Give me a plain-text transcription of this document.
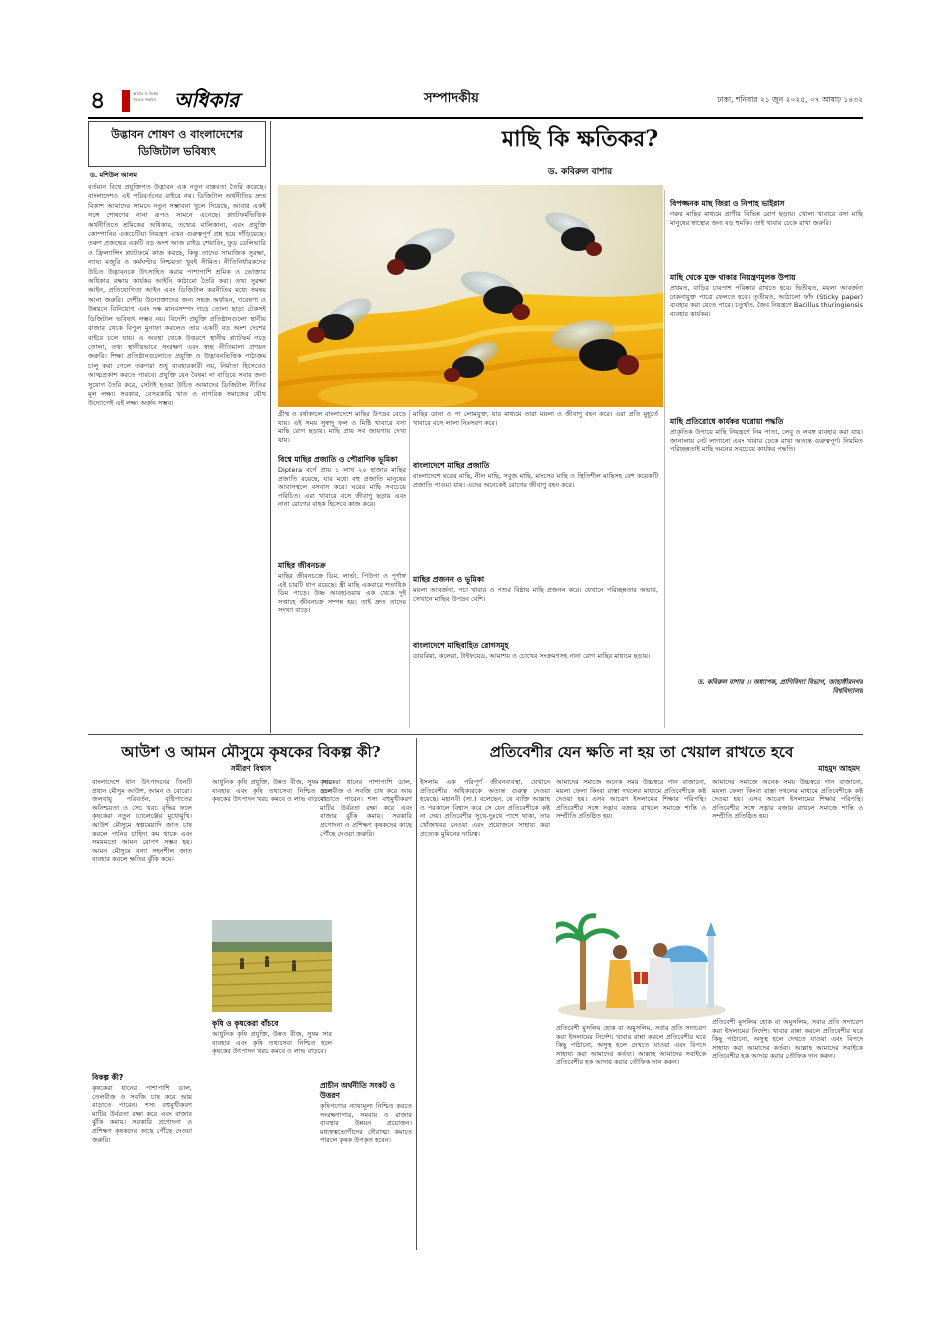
৪	আমার ও বিশ্বের
সত্যের সন্ধানে অধিকার	সম্পাদকীয়	ঢাকা, শনিবার ২১ জুন ২০২৫, ০৭ আষাঢ় ১৪৩২
উদ্ভাবন শোষণ ও বাংলাদেশের ডিজিটাল ভবিষ্যৎ
ড. মশিউল আলম
বর্তমান বিশ্বে প্রযুক্তিগত উদ্ভাবন এক নতুন বাস্তবতা তৈরি করেছে। বাংলাদেশও এই পরিবর্তনের বাইরে নয়। ডিজিটাল অর্থনীতির দ্রুত বিকাশ আমাদের সামনে নতুন সম্ভাবনা খুলে দিয়েছে, আবার একই সঙ্গে শোষণের নানা রূপও সামনে এনেছে। প্ল্যাটফর্মভিত্তিক অর্থনীতিতে শ্রমিকের অধিকার, তথ্যের মালিকানা, এবং প্রযুক্তি কোম্পানির একচেটিয়া নিয়ন্ত্রণ এখন গুরুত্বপূর্ণ প্রশ্ন হয়ে দাঁড়িয়েছে। তরুণ প্রজন্মের একটি বড় অংশ আজ রাইড শেয়ারিং, ফুড ডেলিভারি ও ফ্রিল্যান্সিং প্ল্যাটফর্মে কাজ করছে, কিন্তু তাদের সামাজিক সুরক্ষা, ন্যায্য মজুরি ও কর্মঘণ্টার নিশ্চয়তা খুবই সীমিত। নীতিনির্ধারকদের উচিত উদ্ভাবনকে উৎসাহিত করার পাশাপাশি শ্রমিক ও ভোক্তার অধিকার রক্ষায় কার্যকর আইনি কাঠামো তৈরি করা। তথ্য সুরক্ষা আইন, প্রতিযোগিতা আইন এবং ডিজিটাল করনীতির মধ্যে সমন্বয় আনা জরুরি। দেশীয় উদ্যোক্তাদের জন্য সহজ অর্থায়ন, গবেষণা ও উন্নয়নে বিনিয়োগ এবং দক্ষ মানবসম্পদ গড়ে তোলা ছাড়া টেকসই ডিজিটাল ভবিষ্যৎ সম্ভব নয়। বিদেশি প্রযুক্তি প্রতিষ্ঠানগুলো স্থানীয় বাজার থেকে বিপুল মুনাফা করলেও তার একটি বড় অংশ দেশের বাইরে চলে যায়। এ অবস্থা থেকে উত্তরণে স্থানীয় প্ল্যাটফর্ম গড়ে তোলা, তথ্য স্থানীয়ভাবে সংরক্ষণ এবং স্বচ্ছ নীতিমালা প্রণয়ন জরুরি। শিক্ষা প্রতিষ্ঠানগুলোতে প্রযুক্তি ও উদ্ভাবনভিত্তিক পাঠ্যক্রম চালু করা গেলে তরুণরা শুধু ব্যবহারকারী নয়, নির্মাতা হিসেবেও আত্মপ্রকাশ করতে পারবে। প্রযুক্তি যেন বৈষম্য না বাড়িয়ে সবার জন্য সুযোগ তৈরি করে, সেটাই হওয়া উচিত আমাদের ডিজিটাল নীতির মূল লক্ষ্য। সরকার, বেসরকারি খাত ও নাগরিক সমাজের যৌথ উদ্যোগেই এই লক্ষ্য অর্জন সম্ভব।
মাছি কি ক্ষতিকর?
ড. কবিরুল বাশার
গ্রীষ্ম ও বর্ষাকালে বাংলাদেশে মাছির উপদ্রব বেড়ে যায়। এই সময় সুস্বাদু ফল ও মিষ্টি খাবারে বসা মাছি রোগ ছড়ায়। মাছি প্রায় সব জায়গায় দেখা যায়।
বিশ্বে মাছির প্রজাতি ও পৌরাণিক ভূমিকা
Diptera বর্গে প্রায় ১ লাখ ২০ হাজার মাছির প্রজাতি রয়েছে, যার মধ্যে বহু প্রজাতি মানুষের আবাসস্থলে বসবাস করে। ঘরের মাছি সবচেয়ে পরিচিত। এরা খাবারে বসে জীবাণু ছড়ায় এবং নানা রোগের বাহক হিসেবে কাজ করে।
মাছির জীবনচক্র
মাছির জীবনচক্রে ডিম, লার্ভা, পিউপা ও পূর্ণাঙ্গ এই চারটি ধাপ রয়েছে। স্ত্রী মাছি একবারে শতাধিক ডিম পাড়ে। উষ্ণ আবহাওয়ায় এক থেকে দুই সপ্তাহে জীবনচক্র সম্পন্ন হয়। তাই দ্রুত তাদের সংখ্যা বাড়ে।
মাছির ডানা ও পা লোমযুক্ত, যার মাধ্যমে তারা ময়লা ও জীবাণু বহন করে। এরা প্রতি মুহূর্তে খাবারে বসে লালা নিঃসরণ করে।
বাংলাদেশে মাছির প্রজাতি
বাংলাদেশে ঘরের মাছি, নীল মাছি, সবুজ মাছি, মাংসের মাছি ও স্থিতিশীল মাছিসহ বেশ কয়েকটি প্রজাতি পাওয়া যায়। এদের অনেকেই রোগের জীবাণু বহন করে।
মাছির প্রজনন ও ভূমিকা
ময়লা আবর্জনা, পচা খাবার ও পশুর বিষ্ঠায় মাছি প্রজনন করে। যেখানে পরিচ্ছন্নতার অভাব, সেখানে মাছির উপদ্রব বেশি।
বাংলাদেশে মাছিবাহিত রোগসমূহ
ডায়রিয়া, কলেরা, টাইফয়েড, আমাশয় ও চোখের সংক্রমণসহ নানা রোগ মাছির মাধ্যমে ছড়ায়।
বিপজ্জনক মাছ জিরা ও নিপাহ ভাইরাস
গরুর মাছির মাধ্যমে প্রাণীর বিভিন্ন রোগ ছড়ায়। খোলা খাবারে বসা মাছি মানুষের স্বাস্থ্যের জন্য বড় হুমকি। তাই খাবার ঢেকে রাখা জরুরি।
মাছি থেকে মুক্ত থাকার নিয়ন্ত্রণমূলক উপায়
প্রথমত, বাড়ির চারপাশ পরিষ্কার রাখতে হবে। দ্বিতীয়ত, ময়লা আবর্জনা ঢাকনাযুক্ত পাত্রে ফেলতে হবে। তৃতীয়ত, আঠালো ফাঁদ (Sticky paper) ব্যবহার করা যেতে পারে। চতুর্থত, জৈব নিয়ন্ত্রণে Bacillus thuringiensis ব্যবহার কার্যকর।
মাছি প্রতিরোধে কার্যকর ঘরোয়া পদ্ধতি
প্রাকৃতিক উপায়ে মাছি নিয়ন্ত্রণে নিম পাতা, লেবু ও লবঙ্গ ব্যবহার করা যায়। জানালায় নেট লাগানো এবং খাবার ঢেকে রাখা অত্যন্ত গুরুত্বপূর্ণ। নিয়মিত পরিচ্ছন্নতাই মাছি দমনের সবচেয়ে কার্যকর পদ্ধতি।
ড. কবিরুল বাশার ।। অধ্যাপক, প্রাণিবিদ্যা বিভাগ, জাহাঙ্গীরনগর বিশ্ববিদ্যালয়
আউশ ও আমন মৌসুমে কৃষকের বিকল্প কী?
সমীরণ বিশ্বাস
বাংলাদেশে ধান উৎপাদনের তিনটি প্রধান মৌসুম আউশ, আমন ও বোরো। জলবায়ু পরিবর্তন, বৃষ্টিপাতের অনিশ্চয়তা ও সেচ খরচ বৃদ্ধির ফলে কৃষকেরা নতুন চ্যালেঞ্জের মুখোমুখি। আউশ মৌসুমে স্বল্পমেয়াদি জাত চাষ করলে পানির চাহিদা কম থাকে এবং সময়মতো আমন রোপণ সম্ভব হয়। আমন মৌসুমে বন্যা সহনশীল জাত ব্যবহার করলে ক্ষতির ঝুঁকি কমে।
বিকল্প কী?
কৃষকেরা ধানের পাশাপাশি ডাল, তেলবীজ ও সবজি চাষ করে আয় বাড়াতে পারেন। শস্য বহুমুখীকরণ মাটির উর্বরতা রক্ষা করে এবং বাজার ঝুঁকি কমায়। সরকারি প্রণোদনা ও প্রশিক্ষণ কৃষকদের কাছে পৌঁছে দেওয়া জরুরি।
আধুনিক কৃষি প্রযুক্তি, উন্নত বীজ, সুষম সার ব্যবহার এবং কৃষি তথ্যসেবা নিশ্চিত হলে কৃষকের উৎপাদন খরচ কমবে ও লাভ বাড়বে।
কৃষি ও কৃষকেরা বাঁচবে
আধুনিক কৃষি প্রযুক্তি, উন্নত বীজ, সুষম সার ব্যবহার এবং কৃষি তথ্যসেবা নিশ্চিত হলে কৃষকের উৎপাদন খরচ কমবে ও লাভ বাড়বে।
কৃষকেরা ধানের পাশাপাশি ডাল, তেলবীজ ও সবজি চাষ করে আয় বাড়াতে পারেন। শস্য বহুমুখীকরণ মাটির উর্বরতা রক্ষা করে এবং বাজার ঝুঁকি কমায়। সরকারি প্রণোদনা ও প্রশিক্ষণ কৃষকদের কাছে পৌঁছে দেওয়া জরুরি।
প্রাচীন অর্থনীতি সংকট ও উত্তরণ
কৃষিপণ্যের ন্যায্যমূল্য নিশ্চিত করতে সংরক্ষণাগার, সমবায় ও বাজার ব্যবস্থার উন্নয়ন প্রয়োজন। মধ্যস্বত্বভোগীদের দৌরাত্ম্য কমাতে পারলে কৃষক উপকৃত হবেন।
প্রতিবেশীর যেন ক্ষতি না হয় তা খেয়াল রাখতে হবে
মাহমুদ আহমদ
ইসলাম এক পরিপূর্ণ জীবনব্যবস্থা, যেখানে প্রতিবেশীর অধিকারকে অত্যন্ত গুরুত্ব দেওয়া হয়েছে। মহানবী (সা.) বলেছেন, যে ব্যক্তি আল্লাহ ও পরকালে বিশ্বাস করে সে যেন প্রতিবেশীকে কষ্ট না দেয়। প্রতিবেশীর সুখে-দুঃখে পাশে থাকা, তার খোঁজখবর নেওয়া এবং প্রয়োজনে সাহায্য করা প্রত্যেক মুমিনের দায়িত্ব।
আমাদের সমাজে অনেক সময় উচ্চস্বরে গান বাজানো, ময়লা ফেলা কিংবা রাস্তা দখলের মাধ্যমে প্রতিবেশীকে কষ্ট দেওয়া হয়। এসব আচরণ ইসলামের শিক্ষার পরিপন্থি। প্রতিবেশীর সঙ্গে সদ্ভাব বজায় রাখলে সমাজে শান্তি ও সম্প্রীতি প্রতিষ্ঠিত হয়।
প্রতিবেশী মুসলিম হোক বা অমুসলিম, সবার প্রতি সদাচরণ করা ইসলামের নির্দেশ। খাবার রান্না করলে প্রতিবেশীর ঘরে কিছু পাঠানো, অসুস্থ হলে দেখতে যাওয়া এবং বিপদে সাহায্য করা আমাদের কর্তব্য। আল্লাহ আমাদের সবাইকে প্রতিবেশীর হক আদায় করার তৌফিক দান করুন।
আমাদের সমাজে অনেক সময় উচ্চস্বরে গান বাজানো, ময়লা ফেলা কিংবা রাস্তা দখলের মাধ্যমে প্রতিবেশীকে কষ্ট দেওয়া হয়। এসব আচরণ ইসলামের শিক্ষার পরিপন্থি। প্রতিবেশীর সঙ্গে সদ্ভাব বজায় রাখলে সমাজে শান্তি ও সম্প্রীতি প্রতিষ্ঠিত হয়।
প্রতিবেশী মুসলিম হোক বা অমুসলিম, সবার প্রতি সদাচরণ করা ইসলামের নির্দেশ। খাবার রান্না করলে প্রতিবেশীর ঘরে কিছু পাঠানো, অসুস্থ হলে দেখতে যাওয়া এবং বিপদে সাহায্য করা আমাদের কর্তব্য। আল্লাহ আমাদের সবাইকে প্রতিবেশীর হক আদায় করার তৌফিক দান করুন।
